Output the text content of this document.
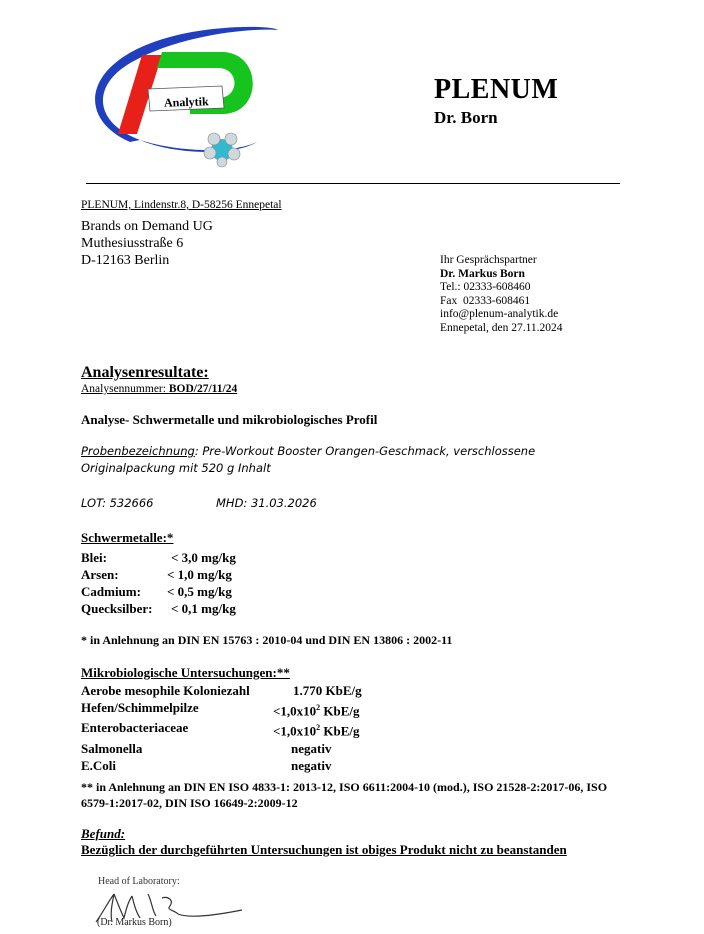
Analytik	PLENUM
Dr. Born
PLENUM, Lindenstr.8, D-58256 Ennepetal
Brands on Demand UG
Muthesiusstraße 6
D-12163 Berlin	Ihr Gesprächspartner
Dr. Markus Born
Tel.: 02333-608460
Fax  02333-608461
info@plenum-analytik.de
Ennepetal, den 27.11.2024
Analysenresultate:
Analysennummer: BOD/27/11/24
Analyse- Schwermetalle und mikrobiologisches Profil
Probenbezeichnung: Pre-Workout Booster Orangen-Geschmack, verschlossene Originalpackung mit 520 g Inhalt
LOT: 532666	MHD: 31.03.2026
Schwermetalle:*
Blei:	< 3,0 mg/kg
Arsen:	< 1,0 mg/kg
Cadmium:	< 0,5 mg/kg
Quecksilber:	< 0,1 mg/kg
* in Anlehnung an DIN EN 15763 : 2010-04 und DIN EN 13806 : 2002-11
Mikrobiologische Untersuchungen:**
Aerobe mesophile Koloniezahl	1.770 KbE/g
Hefen/Schimmelpilze	$<1,0x10^2$ KbE/g
Enterobacteriaceae	$<1,0x10^2$ KbE/g
Salmonella	negativ
E.Coli	negativ
** in Anlehnung an DIN EN ISO 4833-1: 2013-12, ISO 6611:2004-10 (mod.), ISO 21528-2:2017-06, ISO 6579-1:2017-02, DIN ISO 16649-2:2009-12
Befund:
Bezüglich der durchgeführten Untersuchungen ist obiges Produkt nicht zu beanstanden
Head of Laboratory:
(Dr. Markus Born)
